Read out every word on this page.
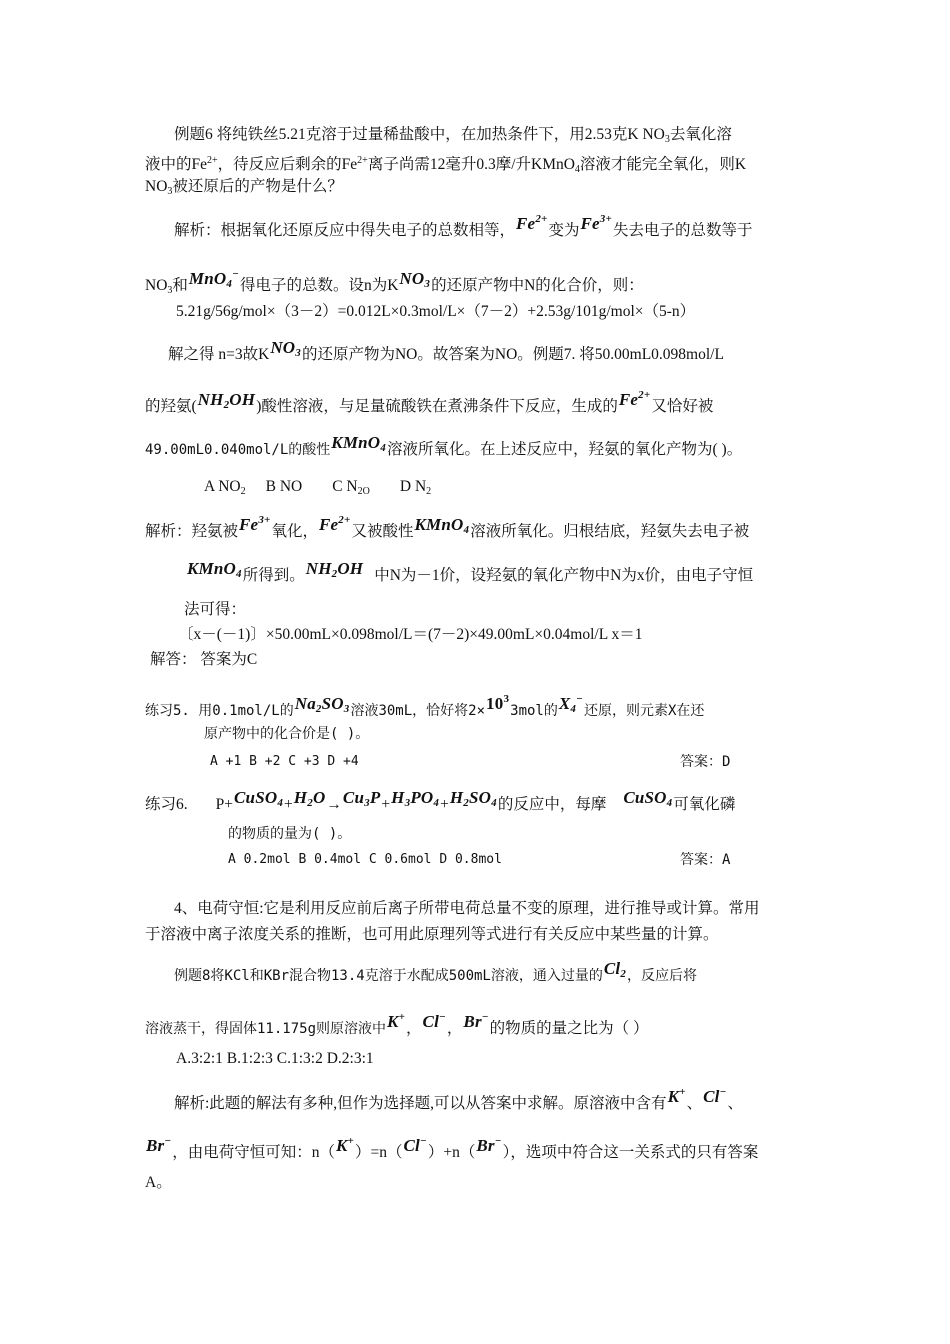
例题6 将纯铁丝5.21克溶于过量稀盐酸中，在加热条件下，用2.53克K $NO_3$去氧化溶
液中的$Fe^{2+}$，待反应后剩余的$Fe^{2+}$离子尚需12毫升0.3摩/升KMnO$_4$溶液才能完全氧化，则K
$NO_3$被还原后的产物是什么？
解析：根据氧化还原反应中得失电子的总数相等，$Fe^{2+}$变为$Fe^{3+}$失去电子的总数等于
$NO_3$和MnO$_4$−得电子的总数。设n为$KNO_3$的还原产物中N的化合价，则：
5.21g/56g/mol×（3－2）=0.012L×0.3mol/L×（7－2）+2.53g/101g/mol×（5-n）
解之得 n=3故$KNO_3$的还原产物为NO。故答案为NO。例题7. 将50.00mL0.098mol/L
的羟氨$(NH_2OH)$酸性溶液，与足量硫酸铁在煮沸条件下反应，生成的$Fe^{2+}$又恰好被
49.00mL0.040mol/L的酸性KMnO$_4$溶液所氧化。在上述反应中，羟氨的氧化产物为( )。
A $NO_2$ B NO C $N_{2O}$ D $N_2$
解析：羟氨被$Fe^{3+}$氧化，$Fe^{2+}$又被酸性KMnO$_4$溶液所氧化。归根结底，羟氨失去电子被
KMnO$_4$所得到。$NH_2OH$ 中N为－1价，设羟氨的氧化产物中N为x价，由电子守恒
法可得：
〔x－(－1)〕×50.00mL×0.098mol/L＝(7－2)×49.00mL×0.04mol/L x＝1
解答： 答案为C
练习5. 用0.1mol/L的$Na_2SO_3$溶液30mL，恰好将$2\times 10^33mol$的$X_4^-$还原，则元素X在还
原产物中的化合价是( )。
A +1 B +2 C +3 D +4	答案：D
练习6. $P+CuSO_4+H_2O\to Cu_3P+H_3PO_4+H_2SO_4$的反应中，每摩 CuSO$_4$可氧化磷
的物质的量为( )。
A 0.2mol B 0.4mol C 0.6mol D 0.8mol	答案：A
4、电荷守恒:它是利用反应前后离子所带电荷总量不变的原理，进行推导或计算。常用
于溶液中离子浓度关系的推断，也可用此原理列等式进行有关反应中某些量的计算。
例题8将KCl和KBr混合物13.4克溶于水配成500mL溶液，通入过量的$Cl_2$，反应后将
溶液蒸干，得固体11.175g则原溶液中K+，Cl−，Br−的物质的量之比为（ ）
A.3:2:1 B.1:2:3 C.1:3:2 D.2:3:1
解析:此题的解法有多种,但作为选择题,可以从答案中求解。原溶液中含有K+、Cl−、
Br−，由电荷守恒可知：n（K+）=n（Cl−）+n（Br−），选项中符合这一关系式的只有答案
A。
